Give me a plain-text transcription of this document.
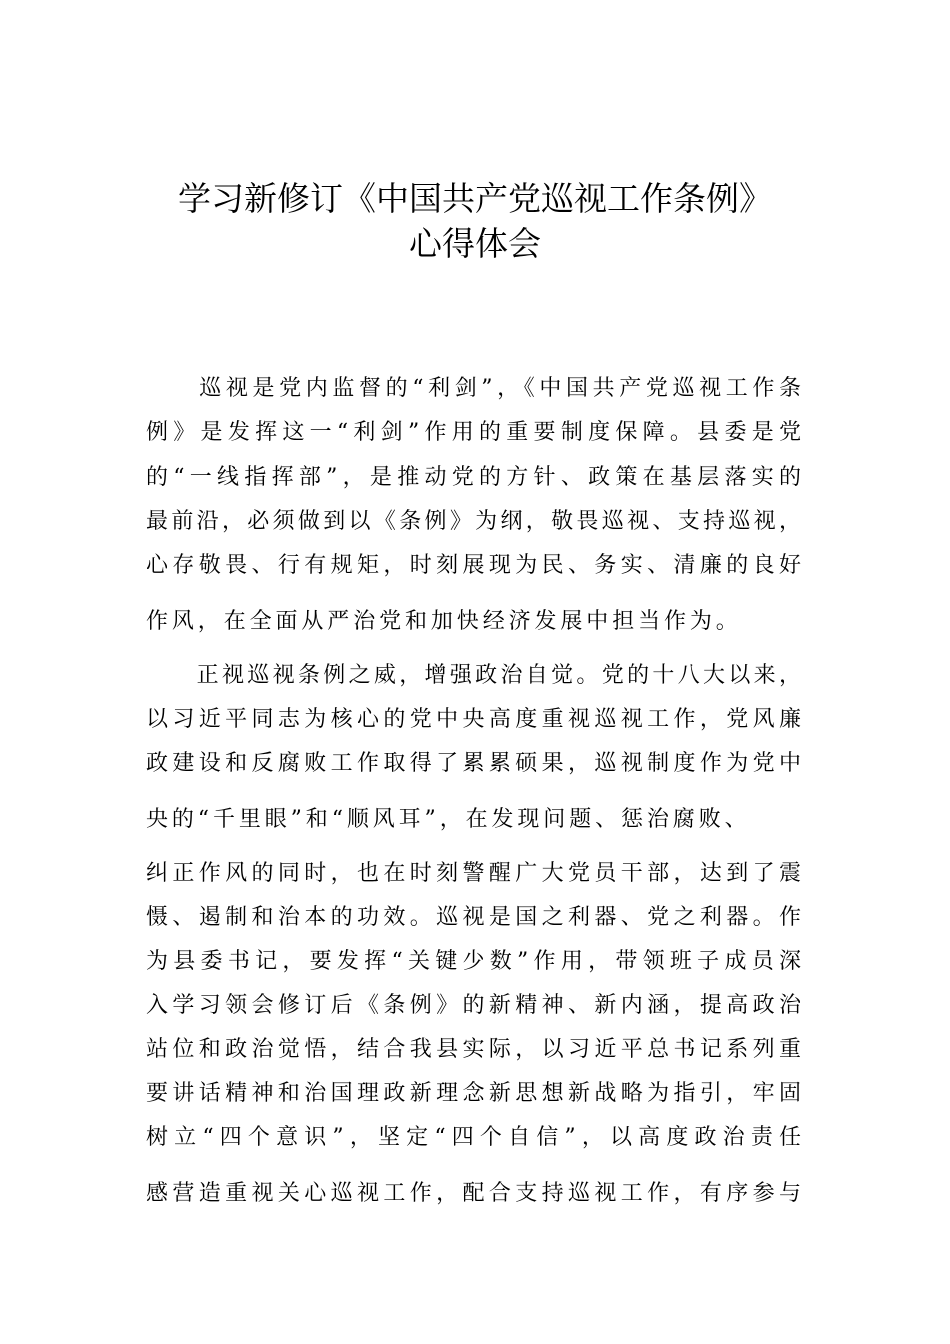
学习新修订《中国共产党巡视工作条例》
心得体会
　　巡视是党内监督的“利剑”，《中国共产党巡视工作条
例》是发挥这一“利剑”作用的重要制度保障。县委是党
的“一线指挥部”，是推动党的方针、政策在基层落实的
最前沿，必须做到以《条例》为纲，敬畏巡视、支持巡视，
心存敬畏、行有规矩，时刻展现为民、务实、清廉的良好
作风，在全面从严治党和加快经济发展中担当作为。
　　正视巡视条例之威，增强政治自觉。党的十八大以来，
以习近平同志为核心的党中央高度重视巡视工作，党风廉
政建设和反腐败工作取得了累累硕果，巡视制度作为党中
央的“千里眼”和“顺风耳”，在发现问题、惩治腐败、
纠正作风的同时，也在时刻警醒广大党员干部，达到了震
慑、遏制和治本的功效。巡视是国之利器、党之利器。作
为县委书记，要发挥“关键少数”作用，带领班子成员深
入学习领会修订后《条例》的新精神、新内涵，提高政治
站位和政治觉悟，结合我县实际，以习近平总书记系列重
要讲话精神和治国理政新理念新思想新战略为指引，牢固
树立“四个意识”，坚定“四个自信”，以高度政治责任
感营造重视关心巡视工作，配合支持巡视工作，有序参与
